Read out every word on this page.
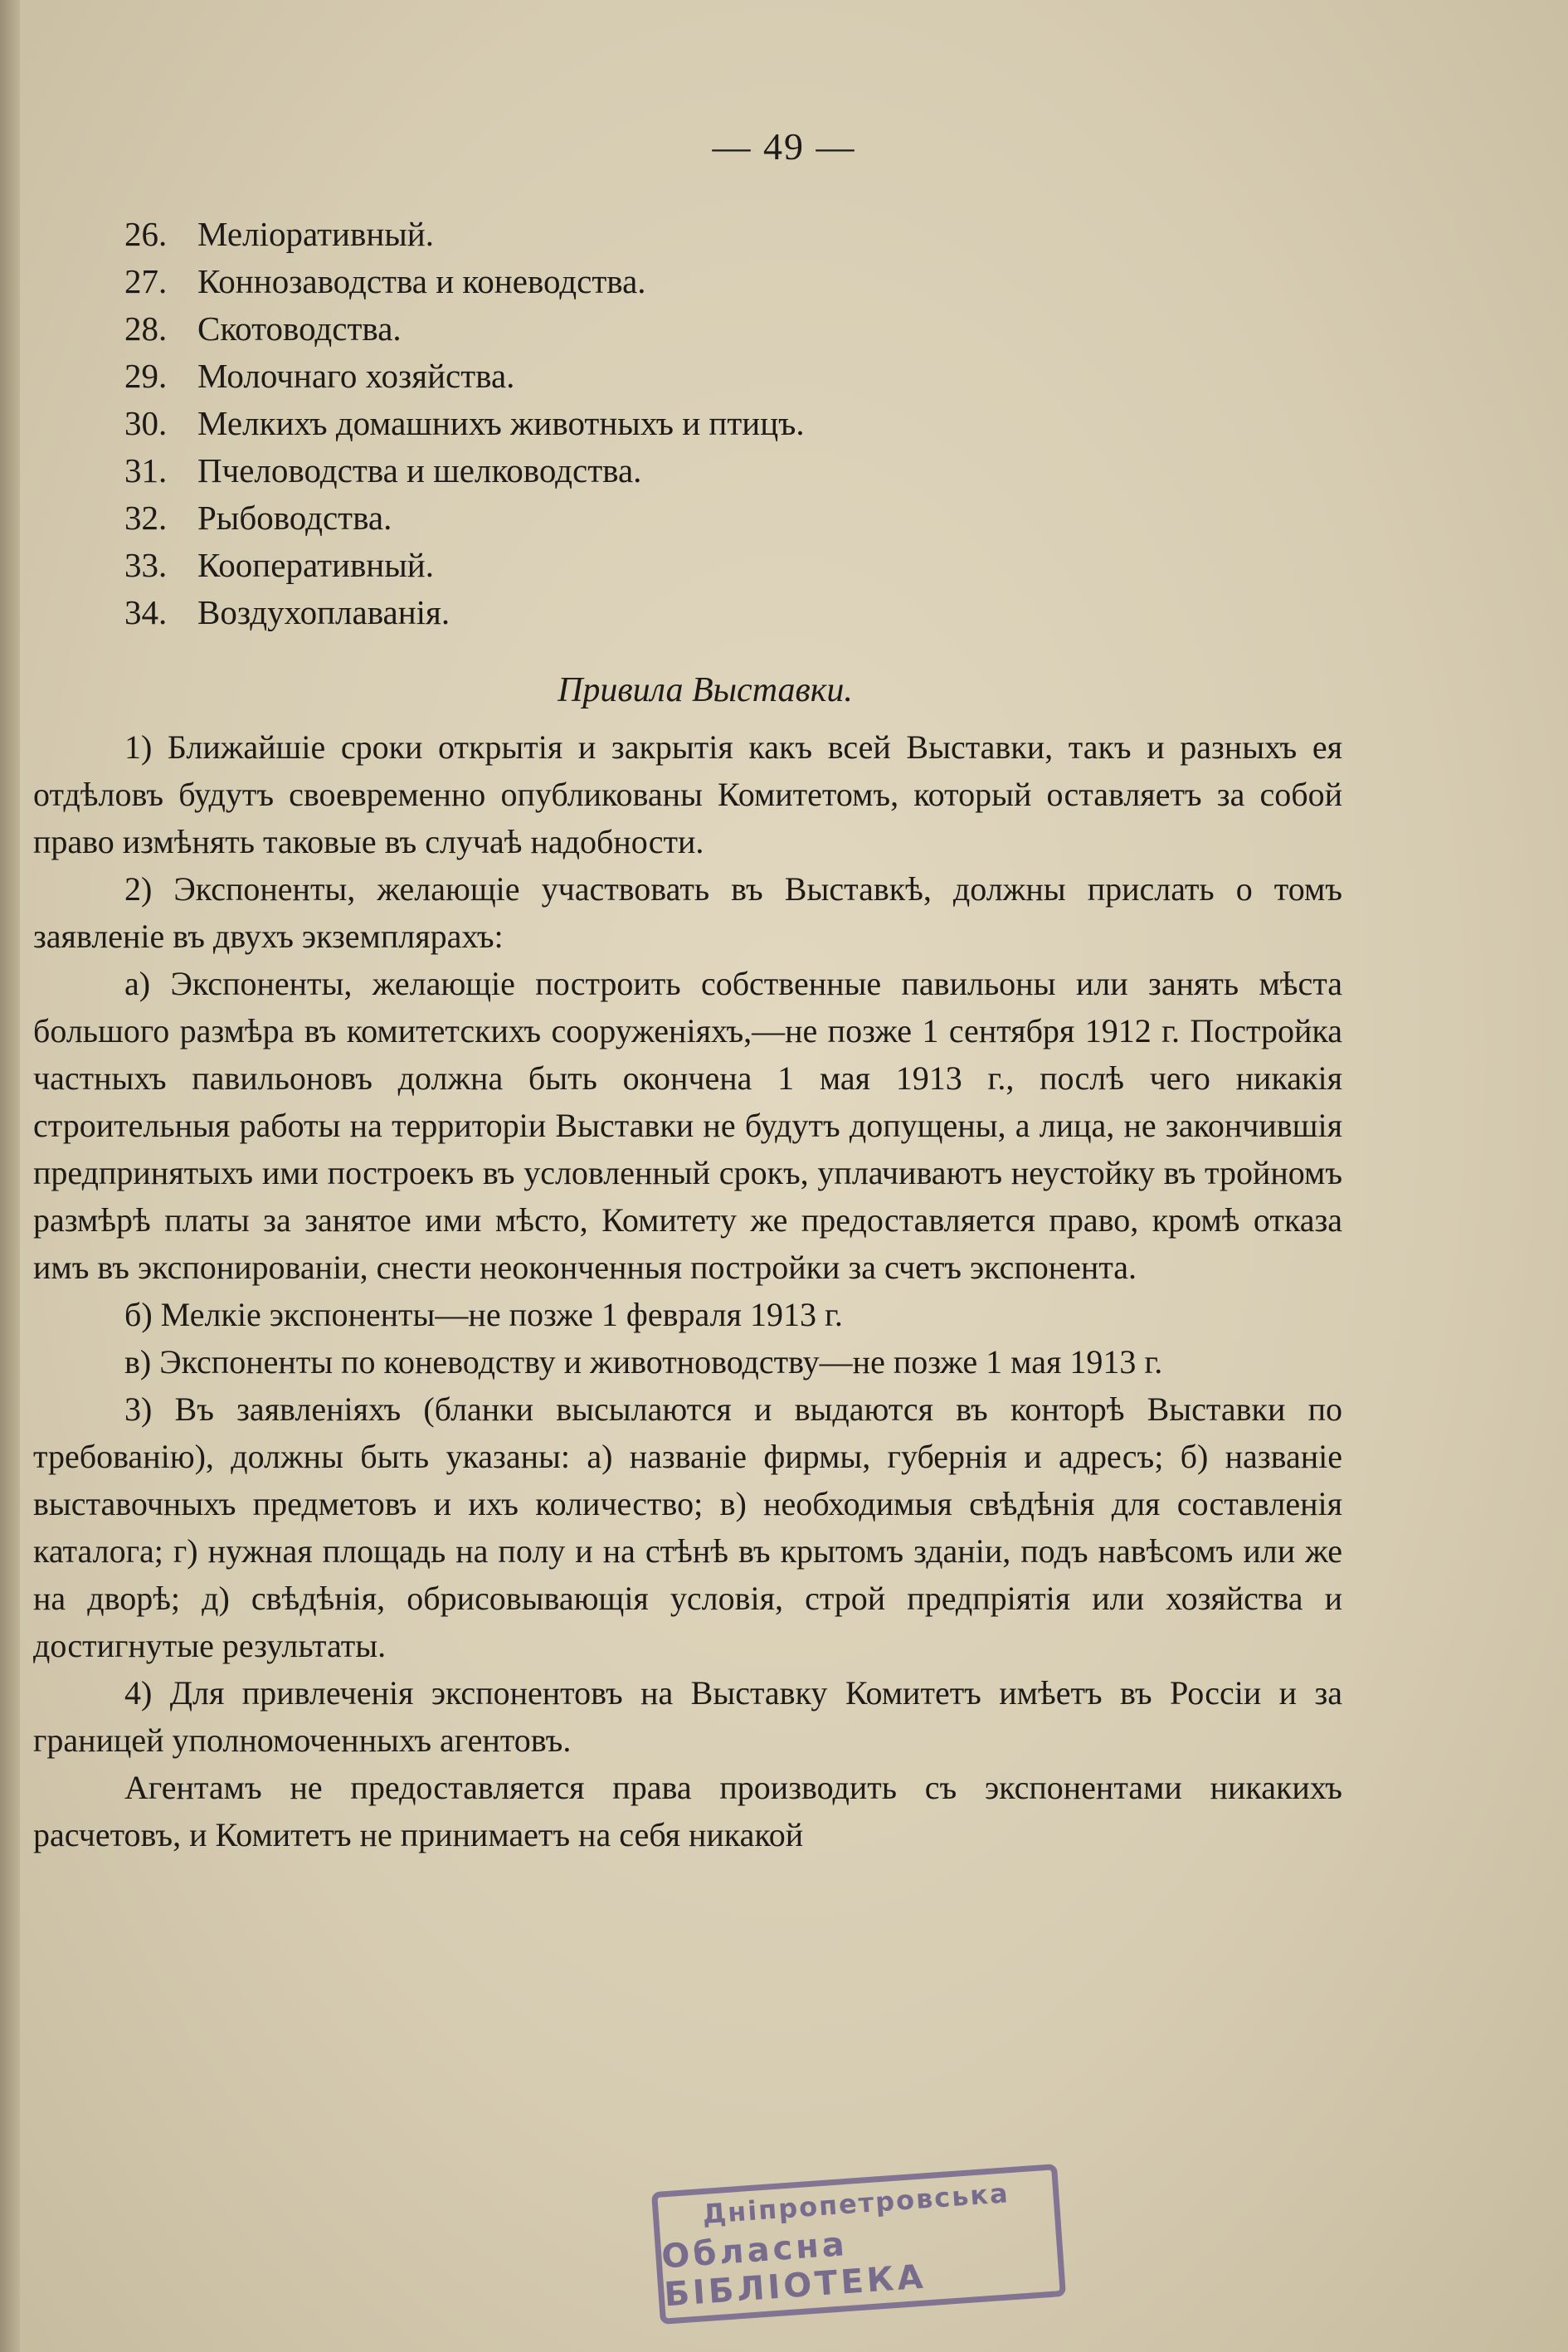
— 49 —
26. Меліоративный.
27. Коннозаводства и коневодства.
28. Скотоводства.
29. Молочнаго хозяйства.
30. Мелкихъ домашнихъ животныхъ и птицъ.
31. Пчеловодства и шелководства.
32. Рыбоводства.
33. Кооперативный.
34. Воздухоплаванія.
Привила Выставки.

1) Ближайшіе сроки открытія и закрытія какъ всей Выставки, такъ и разныхъ ея отдѣловъ будутъ своевременно опубликованы Комитетомъ, который оставляетъ за собой право измѣнять таковые въ случаѣ надобности.

2) Экспоненты, желающіе участвовать въ Выставкѣ, должны прислать о томъ заявленіе въ двухъ экземплярахъ:

а) Экспоненты, желающіе построить собственные павильоны или занять мѣста большого размѣра въ комитетскихъ сооруженіяхъ,—не позже 1 сентября 1912 г. Постройка частныхъ павильоновъ должна быть окончена 1 мая 1913 г., послѣ чего никакія строительныя работы на территоріи Выставки не будутъ допущены, а лица, не закончившія предпринятыхъ ими построекъ въ условленный срокъ, уплачиваютъ неустойку въ тройномъ размѣрѣ платы за занятое ими мѣсто, Комитету же предоставляется право, кромѣ отказа имъ въ экспонированіи, снести неоконченныя постройки за счетъ экспонента.

б) Мелкіе экспоненты—не позже 1 февраля 1913 г.

в) Экспоненты по коневодству и животноводству—не позже 1 мая 1913 г.

3) Въ заявленіяхъ (бланки высылаются и выдаются въ конторѣ Выставки по требованію), должны быть указаны: а) названіе фирмы, губернія и адресъ; б) названіе выставочныхъ предметовъ и ихъ количество; в) необходимыя свѣдѣнія для составленія каталога; г) нужная площадь на полу и на стѣнѣ въ крытомъ зданіи, подъ навѣсомъ или же на дворѣ; д) свѣдѣнія, обрисовывающія условія, строй предпріятія или хозяйства и достигнутые результаты.

4) Для привлеченія экспонентовъ на Выставку Комитетъ имѣетъ въ Россіи и за границей уполномоченныхъ агентовъ.

Агентамъ не предоставляется права производить съ экспонентами никакихъ расчетовъ, и Комитетъ не принимаетъ на себя никакой

Дніпропетровська
Обласна БІБЛІОТЕКА
